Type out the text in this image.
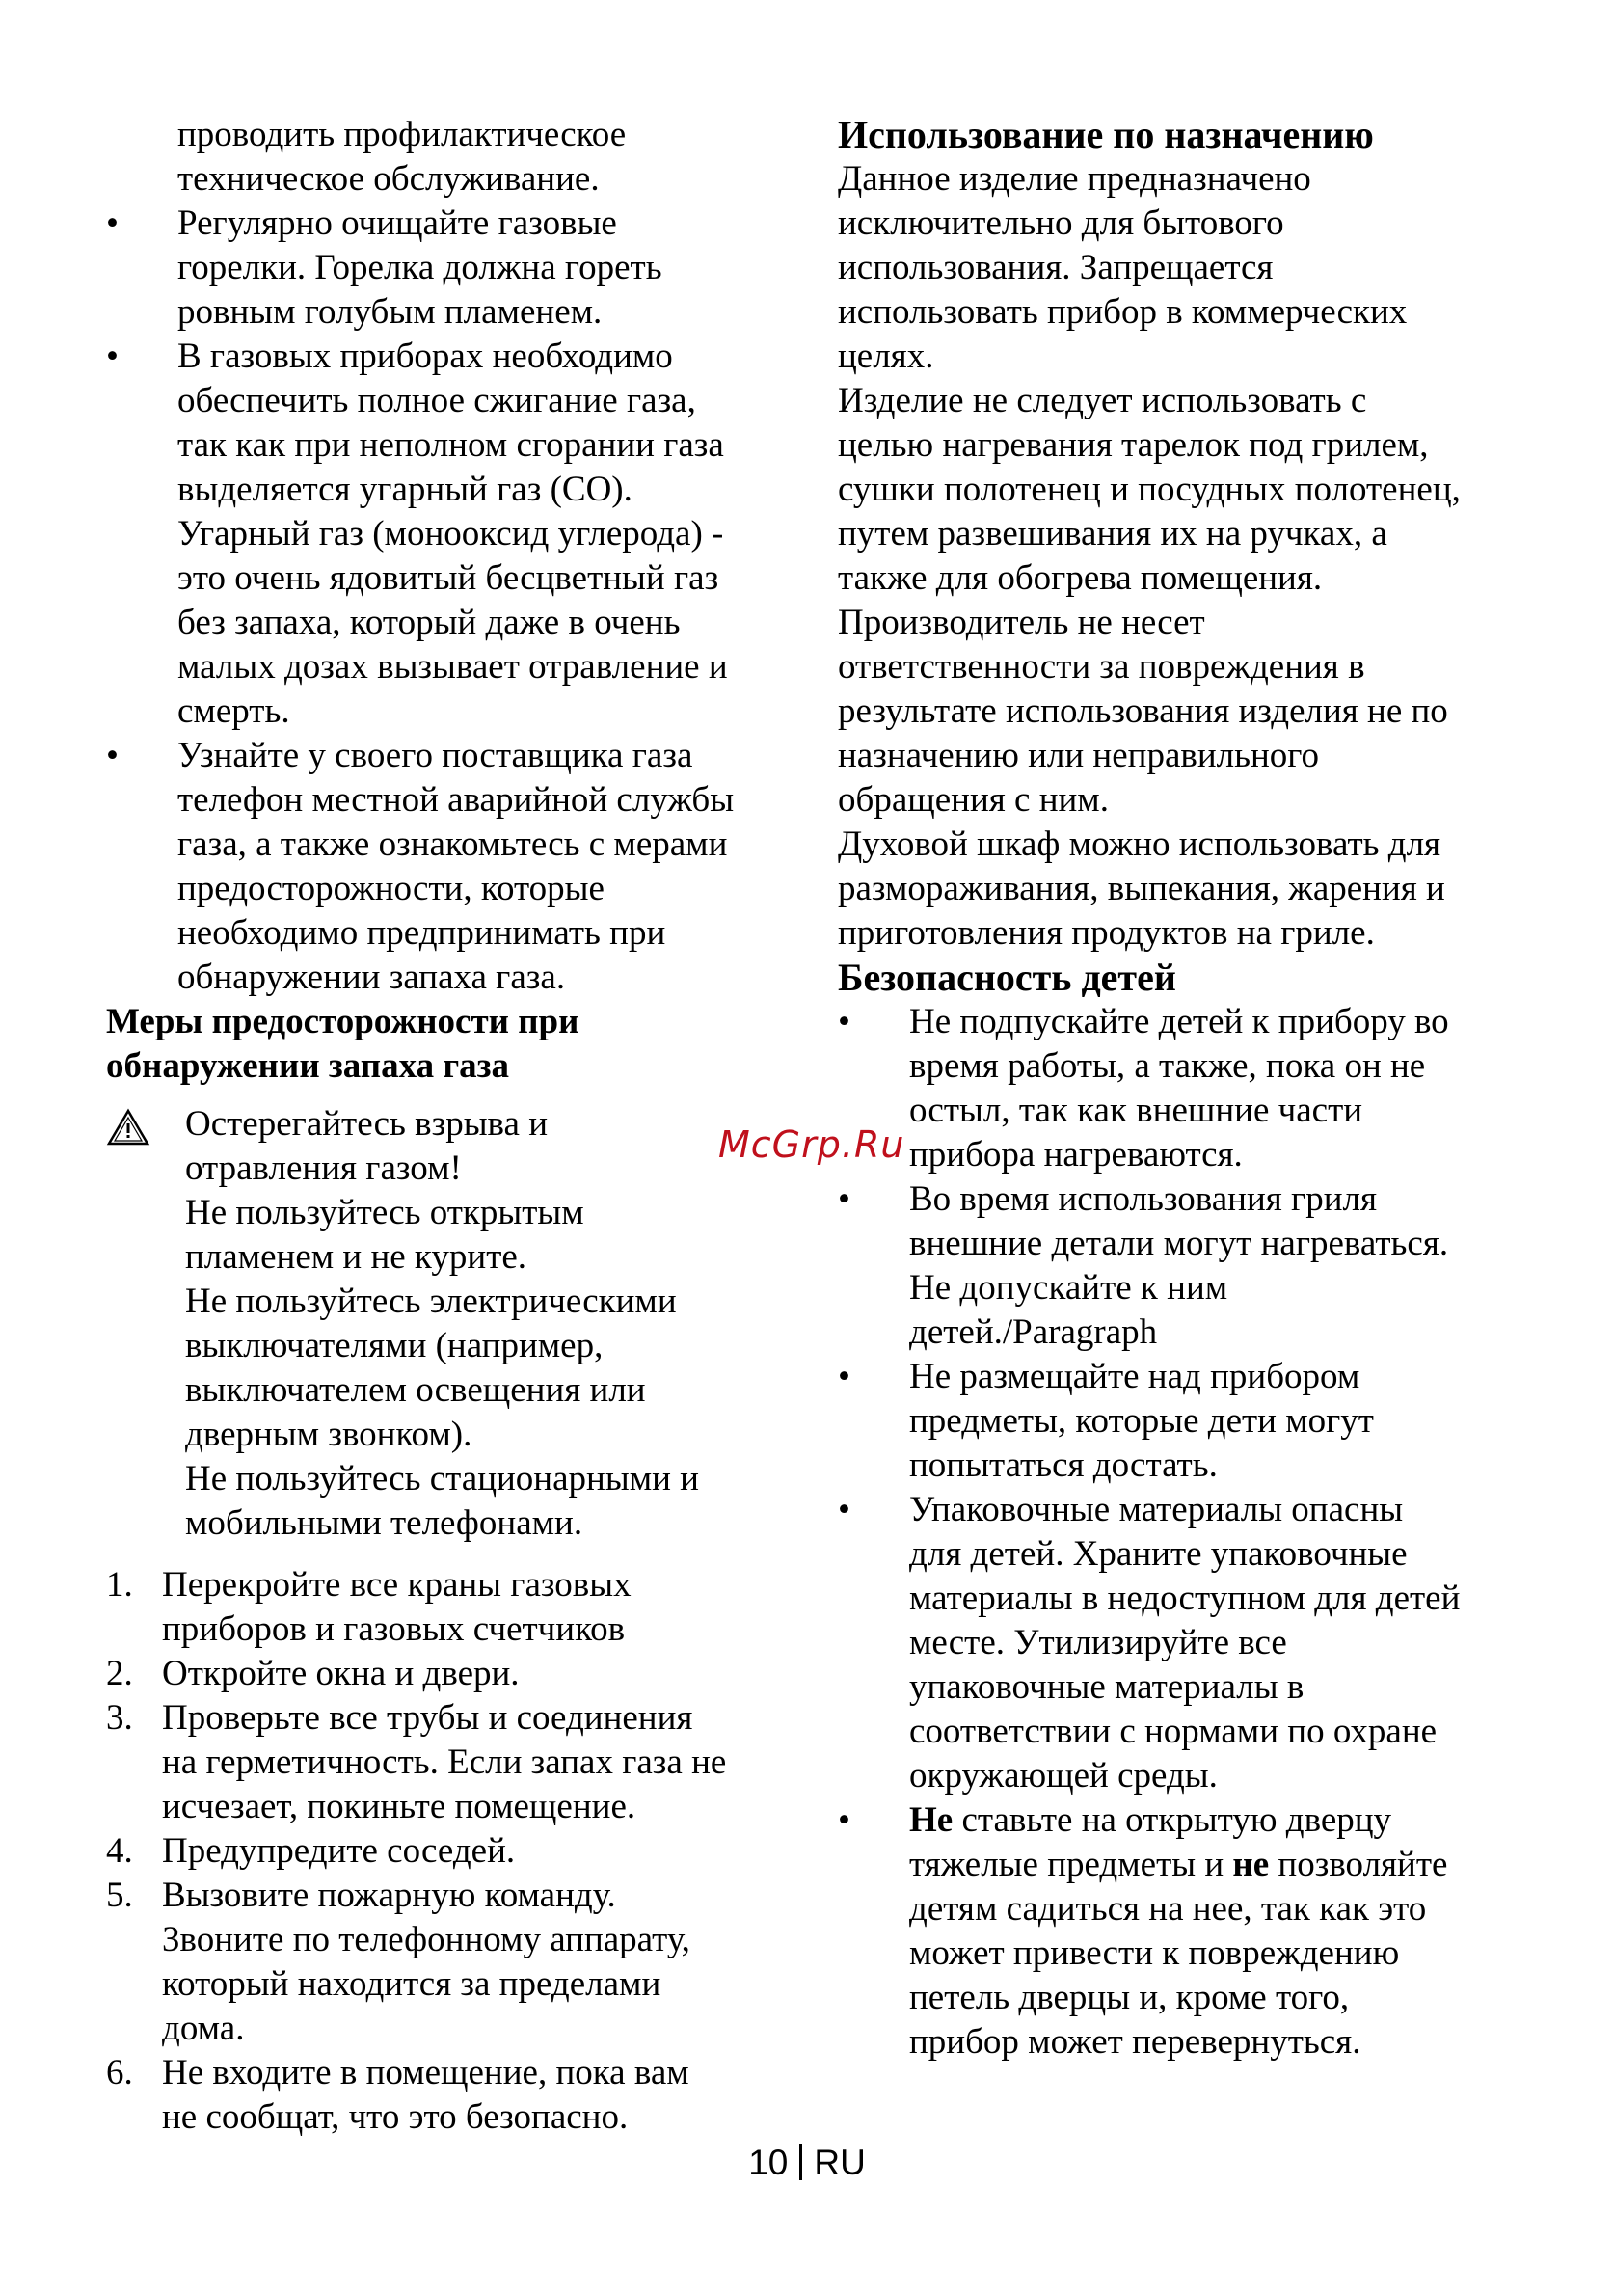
проводить профилактическое

техническое обслуживание.

•	Регулярно очищайте газовые

горелки. Горелка должна гореть

ровным голубым пламенем.

•	В газовых приборах необходимо

обеспечить полное сжигание газа,

так как при неполном сгорании газа

выделяется угарный газ (CO).

Угарный газ (монооксид углерода) -

это очень ядовитый бесцветный газ

без запаха, который даже в очень

малых дозах вызывает отравление и

смерть.

•	Узнайте у своего поставщика газа

телефон местной аварийной службы

газа, а также ознакомьтесь с мерами

предосторожности, которые

необходимо предпринимать при

обнаружении запаха газа.

Меры предосторожности при

обнаружении запаха газа

Остерегайтесь взрыва и

отравления газом!

Не пользуйтесь открытым

пламенем и не курите.

Не пользуйтесь электрическими

выключателями (например,

выключателем освещения или

дверным звонком).

Не пользуйтесь стационарными и

мобильными телефонами.

1. Перекройте все краны газовых

приборов и газовых счетчиков

2. Откройте окна и двери.

3. Проверьте все трубы и соединения

на герметичность. Если запах газа не

исчезает, покиньте помещение.

4. Предупредите соседей.

5. Вызовите пожарную команду.

Звоните по телефонному аппарату,

который находится за пределами

дома.

6. Не входите в помещение, пока вам

не сообщат, что это безопасно.

Использование по назначению

Данное изделие предназначено

исключительно для бытового

использования. Запрещается

использовать прибор в коммерческих

целях.

Изделие не следует использовать с

целью нагревания тарелок под грилем,

сушки полотенец и посудных полотенец,

путем развешивания их на ручках, а

также для обогрева помещения.

Производитель не несет

ответственности за повреждения в

результате использования изделия не по

назначению или неправильного

обращения с ним.

Духовой шкаф можно использовать для

размораживания, выпекания, жарения и

приготовления продуктов на гриле.

Безопасность детей

•	Не подпускайте детей к прибору во

время работы, а также, пока он не

остыл, так как внешние части

прибора нагреваются.

•	Во время использования гриля

внешние детали могут нагреваться.

Не допускайте к ним

детей./Paragraph

•	Не размещайте над прибором

предметы, которые дети могут

попытаться достать.

•	Упаковочные материалы опасны

для детей. Храните упаковочные

материалы в недоступном для детей

месте. Утилизируйте все

упаковочные материалы в

соответствии с нормами по охране

окружающей среды.

•	Не ставьте на открытую дверцу

тяжелые предметы и не позволяйте

детям садиться на нее, так как это

может привести к повреждению

петель дверцы и, кроме того,

прибор может перевернуться.

McGrp.Ru
10 RU
